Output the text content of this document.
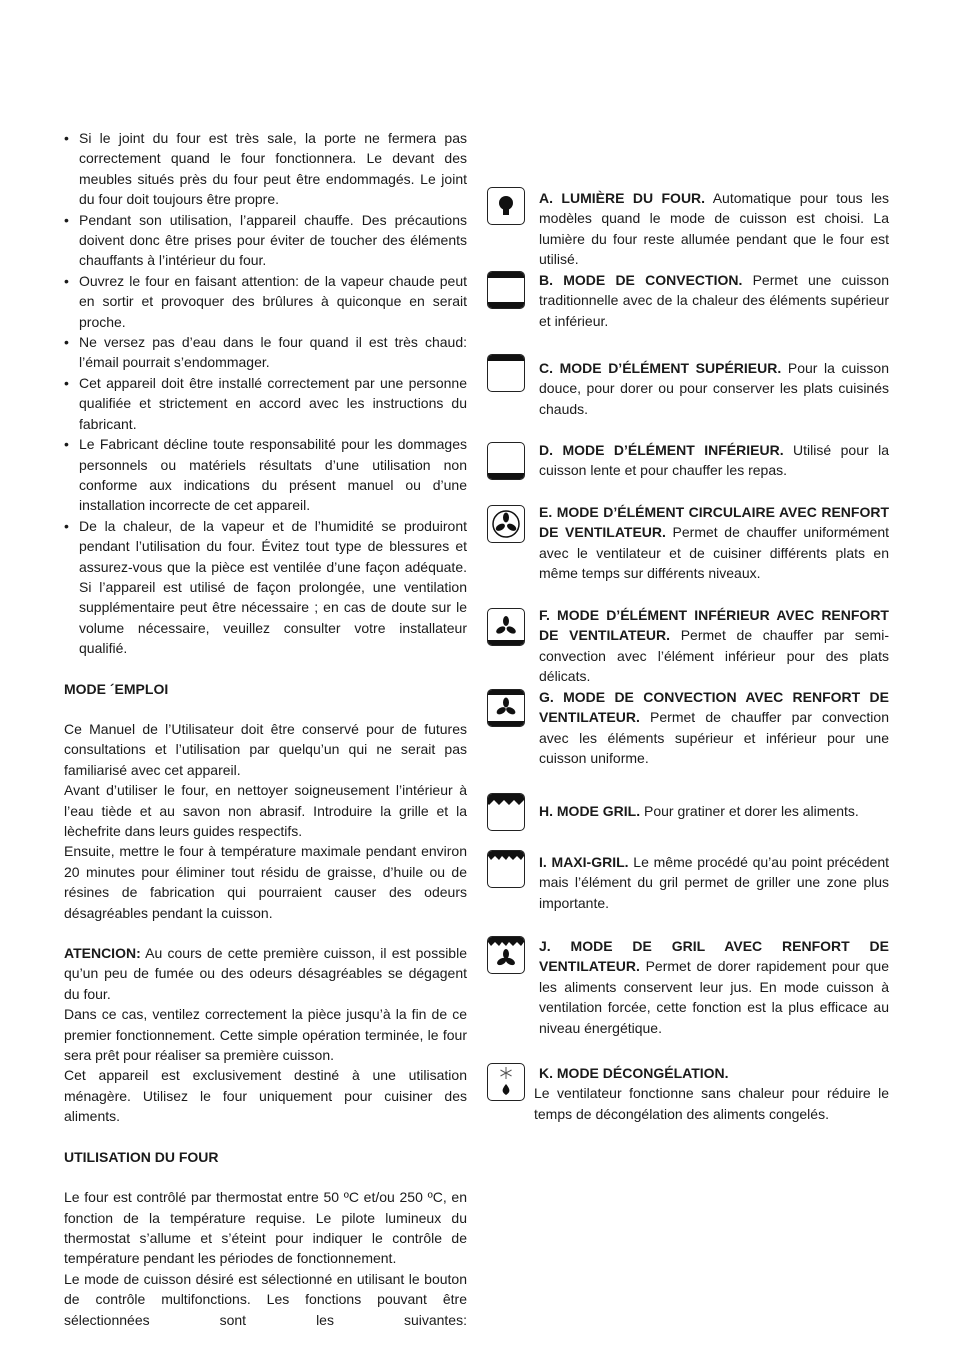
• Si le joint du four est très sale, la porte ne fermera pas correctement quand le four fonctionnera. Le devant des meubles situés près du four peut être endommagés. Le joint du four doit toujours être propre.
• Pendant son utilisation, l’appareil chauffe. Des précautions doivent donc être prises pour éviter de toucher des éléments chauffants à l’intérieur du four.
• Ouvrez le four en faisant attention: de la vapeur chaude peut en sortir et provoquer des brûlures à quiconque en serait proche.
• Ne versez pas d’eau dans le four quand il est très chaud: l’émail pourrait s’endommager.
• Cet appareil doit être installé correctement par une personne qualifiée et strictement en accord avec les instructions du fabricant.
• Le Fabricant décline toute responsabilité pour les dommages personnels ou matériels résultats d’une utilisation non conforme aux indications du présent manuel ou d’une installation incorrecte de cet appareil.
• De la chaleur, de la vapeur et de l’humidité se produiront pendant l’utilisation du four. Évitez tout type de blessures et assurez-vous que la pièce est ventilée d’une façon adéquate. Si l’appareil est utilisé de façon prolongée, une ventilation supplémentaire peut être nécessaire ; en cas de doute sur le volume nécessaire, veuillez consulter votre installateur qualifié.
MODE ´EMPLOI

Ce Manuel de l’Utilisateur doit être conservé pour de futures consultations et l’utilisation par quelqu’un qui ne serait pas familiarisé avec cet appareil.

Avant d’utiliser le four, en nettoyer soigneusement l’intérieur à l’eau tiède et au savon non abrasif. Introduire la grille et la lèchefrite dans leurs guides respectifs.

Ensuite, mettre le four à température maximale pendant environ 20 minutes pour éliminer tout résidu de graisse, d’huile ou de résines de fabrication qui pourraient causer des odeurs désagréables pendant la cuisson.

ATENCION: Au cours de cette première cuisson, il est possible qu’un peu de fumée ou des odeurs désagréables se dégagent du four.

Dans ce cas, ventilez correctement la pièce jusqu’à la fin de ce premier fonctionnement. Cette simple opération terminée, le four sera prêt pour réaliser sa première cuisson.

Cet appareil est exclusivement destiné à une utilisation ménagère. Utilisez le four uniquement pour cuisiner des aliments.

UTILISATION DU FOUR

Le four est contrôlé par thermostat entre 50 ºC et/ou 250 ºC, en fonction de la température requise. Le pilote lumineux du thermostat s’allume et s’éteint pour indiquer le contrôle de température pendant les périodes de fonctionnement.

Le mode de cuisson désiré est sélectionné en utilisant le bouton de contrôle multifonctions. Les fonctions pouvant être sélectionnées sont les suivantes:

A. LUMIÈRE DU FOUR. Automatique pour tous les modèles quand le mode de cuisson est choisi. La lumière du four reste allumée pendant que le four est utilisé.
B. MODE DE CONVECTION. Permet une cuisson traditionnelle avec de la chaleur des éléments supérieur et inférieur.
C. MODE D’ÉLÉMENT SUPÉRIEUR. Pour la cuisson douce, pour dorer ou pour conserver les plats cuisinés chauds.
D. MODE D’ÉLÉMENT INFÉRIEUR. Utilisé pour la cuisson lente et pour chauffer les repas.
E. MODE D’ÉLÉMENT CIRCULAIRE AVEC RENFORT DE VENTILATEUR. Permet de chauffer uniformément avec le ventilateur et de cuisiner différents plats en même temps sur différents niveaux.
F. MODE D’ÉLÉMENT INFÉRIEUR AVEC RENFORT DE VENTILATEUR. Permet de chauffer par semi-convection avec l’élément inférieur pour des plats délicats.
G. MODE DE CONVECTION AVEC RENFORT DE VENTILATEUR. Permet de chauffer par convection avec les éléments supérieur et inférieur pour une cuisson uniforme.
H. MODE GRIL. Pour gratiner et dorer les aliments.
I. MAXI-GRIL. Le même procédé qu’au point précédent mais l’élément du gril permet de griller une zone plus importante.
J. MODE DE GRIL AVEC RENFORT DE VENTILATEUR. Permet de dorer rapidement pour que les aliments conservent leur jus. En mode cuisson à ventilation forcée, cette fonction est la plus efficace au niveau énergétique.
K. MODE DÉCONGÉLATION.
Le ventilateur fonctionne sans chaleur pour réduire le temps de décongélation des aliments congelés.
